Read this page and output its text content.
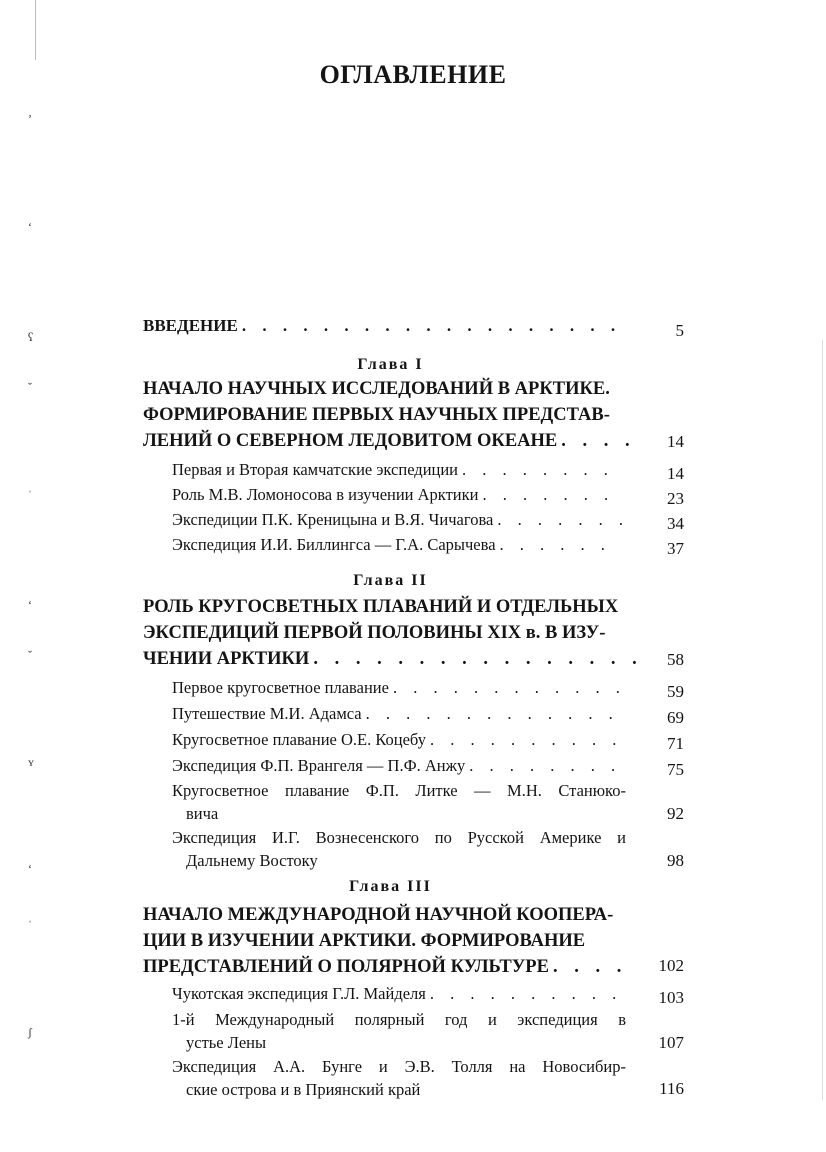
ʼ
ʻ
ʕ
ˇ
ˈ
ʻ
ˇ
ʏ
ʻ
ˈ
ʃ
ОГЛАВЛЕНИЕ
ВВЕДЕНИЕ . . .	5
Глава I
НАЧАЛО НАУЧНЫХ ИССЛЕДОВАНИЙ В АРКТИКЕ.
ФОРМИРОВАНИЕ ПЕРВЫХ НАУЧНЫХ ПРЕДСТАВ-
ЛЕНИЙ О СЕВЕРНОМ ЛЕДОВИТОМ ОКЕАНЕ . . .	14
Первая и Вторая камчатские экспедиции . . .	14
Роль М.В. Ломоносова в изучении Арктики . . .	23
Экспедиции П.К. Креницына и В.Я. Чичагова . . .	34
Экспедиция И.И. Биллингса — Г.А. Сарычева . . .	37
Глава II
РОЛЬ КРУГОСВЕТНЫХ ПЛАВАНИЙ И ОТДЕЛЬНЫХ
ЭКСПЕДИЦИЙ ПЕРВОЙ ПОЛОВИНЫ XIX в. В ИЗУ-
ЧЕНИИ АРКТИКИ . . .	58
Первое кругосветное плавание . . .	59
Путешествие М.И. Адамса . . .	69
Кругосветное плавание О.Е. Коцебу . . .	71
Экспедиция Ф.П. Врангеля — П.Ф. Анжу . . .	75
Кругосветное плавание Ф.П. Литке — М.Н. Станюко-
вича	92
Экспедиция И.Г. Вознесенского по Русской Америке и
Дальнему Востоку	98
Глава III
НАЧАЛО МЕЖДУНАРОДНОЙ НАУЧНОЙ КООПЕРА-
ЦИИ В ИЗУЧЕНИИ АРКТИКИ. ФОРМИРОВАНИЕ
ПРЕДСТАВЛЕНИЙ О ПОЛЯРНОЙ КУЛЬТУРЕ . . .	102
Чукотская экспедиция Г.Л. Майделя . . .	103
1-й Международный полярный год и экспедиция в
устье Лены	107
Экспедиция А.А. Бунге и Э.В. Толля на Новосибир-
ские острова и в Приянский край	116
